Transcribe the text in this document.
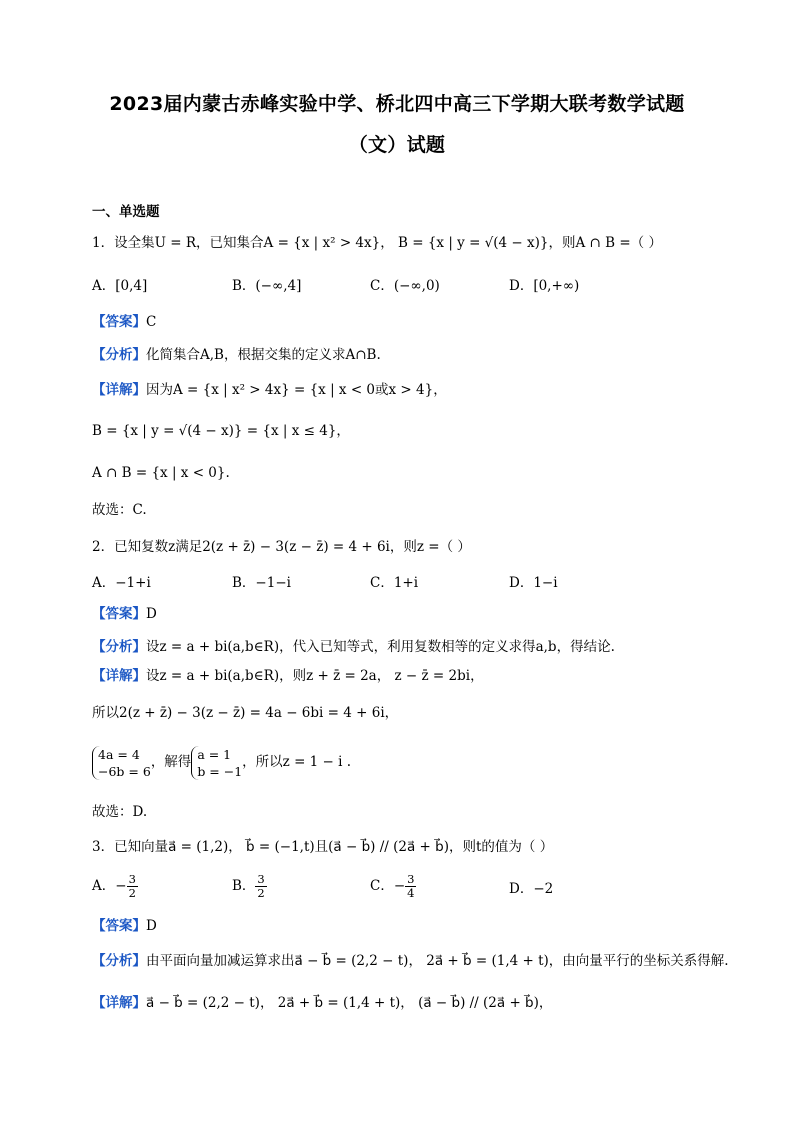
2023届内蒙古赤峰实验中学、桥北四中高三下学期大联考数学试题
（文）试题
一、单选题
1．设全集U = R，已知集合A = {x | x² > 4x}， B = {x | y = √(4 − x)}，则A ∩ B =（ ）
A．[0,4]	B．(−∞,4]	C．(−∞,0)	D．[0,+∞)
【答案】C
【分析】化简集合A,B，根据交集的定义求A∩B.
【详解】因为A = {x | x² > 4x} = {x | x < 0或x > 4}，
B = {x | y = √(4 − x)} = {x | x ≤ 4}，
A ∩ B = {x | x < 0}.
故选：C.
2．已知复数z满足2(z + z̄) − 3(z − z̄) = 4 + 6i，则z =（ ）
A．−1+i	B．−1−i	C．1+i	D．1−i
【答案】D
【分析】设z = a + bi(a,b∈R)，代入已知等式，利用复数相等的定义求得a,b，得结论.
【详解】设z = a + bi(a,b∈R)，则z + z̄ = 2a， z − z̄ = 2bi，
所以2(z + z̄) − 3(z − z̄) = 4a − 6bi = 4 + 6i，
4a = 4
−6b = 6
，解得 a = 1
b = −1
，所以z = 1 − i .
故选：D.
3．已知向量a⃗ = (1,2)， b⃗ = (−1,t)且(a⃗ − b⃗) // (2a⃗ + b⃗)，则t的值为（ ）
A．− $\frac{3}{2}$	B． $\frac{3}{2}$	C．− $\frac{3}{4}$	D．−2
【答案】D
【分析】由平面向量加减运算求出a⃗ − b⃗ = (2,2 − t)， 2a⃗ + b⃗ = (1,4 + t)，由向量平行的坐标关系得解.
【详解】a⃗ − b⃗ = (2,2 − t)， 2a⃗ + b⃗ = (1,4 + t)， (a⃗ − b⃗) // (2a⃗ + b⃗)，
